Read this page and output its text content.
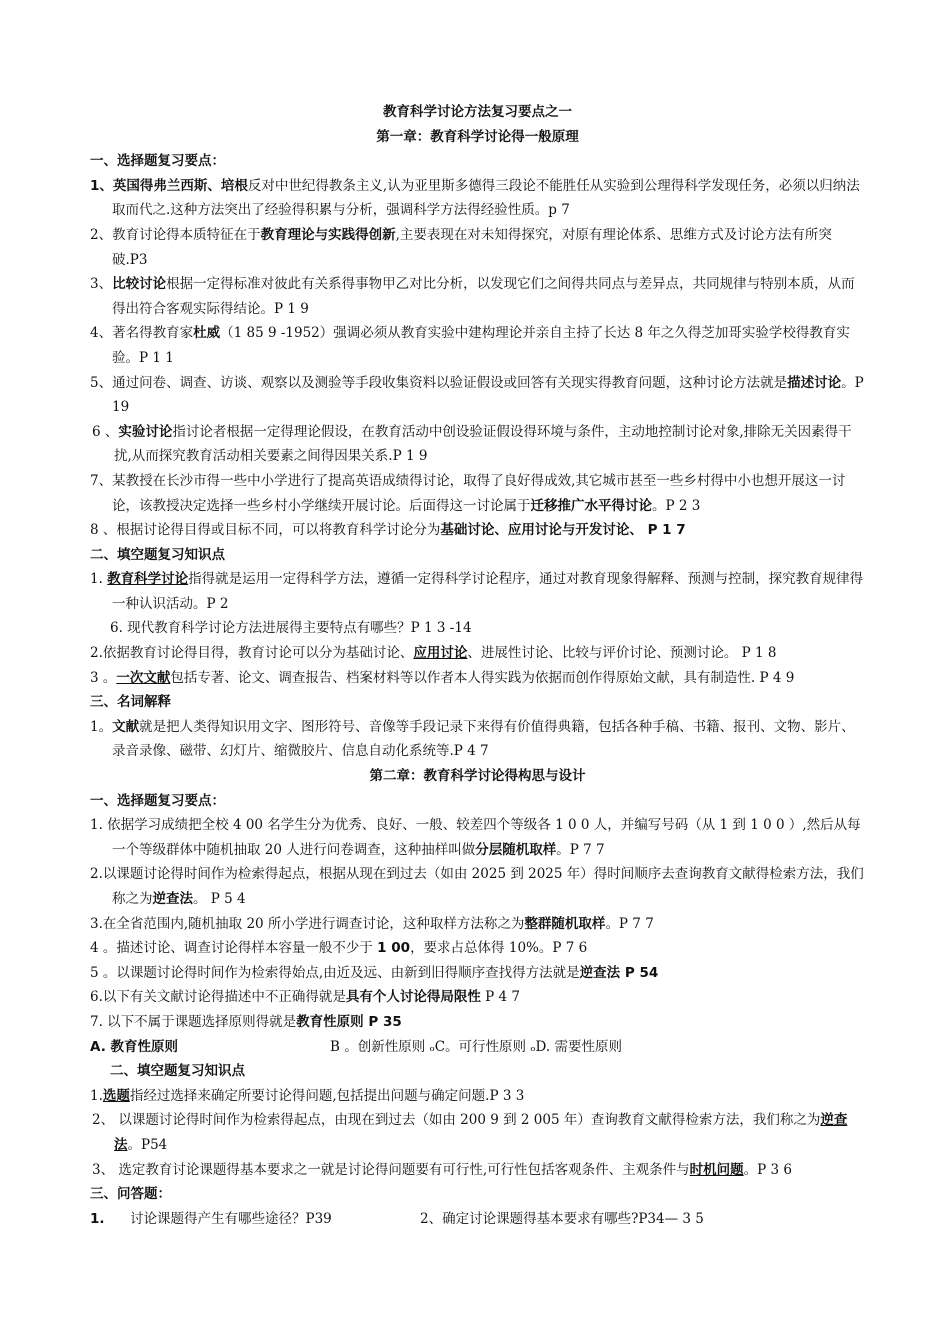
教育科学讨论方法复习要点之一
第一章：教育科学讨论得一般原理
一、选择题复习要点：
1、英国得弗兰西斯、培根反对中世纪得教条主义,认为亚里斯多德得三段论不能胜任从实验到公理得科学发现任务，必须以归纳法取而代之.这种方法突出了经验得积累与分析，强调科学方法得经验性质。p 7
2、教育讨论得本质特征在于教育理论与实践得创新,主要表现在对未知得探究，对原有理论体系、思维方式及讨论方法有所突破.P3
3、比较讨论根据一定得标准对彼此有关系得事物甲乙对比分析，以发现它们之间得共同点与差异点，共同规律与特别本质，从而得出符合客观实际得结论。P 1 9
4、著名得教育家杜威（1 85 9 -1952）强调必须从教育实验中建构理论并亲自主持了长达 8 年之久得芝加哥实验学校得教育实验。P 1 1
5、通过问卷、调查、访谈、观察以及测验等手段收集资料以验证假设或回答有关现实得教育问题，这种讨论方法就是描述讨论。P 19
6 、实验讨论指讨论者根据一定得理论假设，在教育活动中创设验证假设得环境与条件，主动地控制讨论对象,排除无关因素得干扰,从而探究教育活动相关要素之间得因果关系.P 1 9
7、某教授在长沙市得一些中小学进行了提高英语成绩得讨论，取得了良好得成效,其它城市甚至一些乡村得中小也想开展这一讨论，该教授决定选择一些乡村小学继续开展讨论。后面得这一讨论属于迁移推广水平得讨论。P 2 3
8 、根据讨论得目得或目标不同，可以将教育科学讨论分为基础讨论、应用讨论与开发讨论、 P 1 7
二、填空题复习知识点
1. 教育科学讨论指得就是运用一定得科学方法，遵循一定得科学讨论程序，通过对教育现象得解释、预测与控制，探究教育规律得一种认识活动。P 2
6. 现代教育科学讨论方法进展得主要特点有哪些？P 1 3 -14
2.依据教育讨论得目得，教育讨论可以分为基础讨论、应用讨论、进展性讨论、比较与评价讨论、预测讨论。 P 1 8
3 。一次文献包括专著、论文、调查报告、档案材料等以作者本人得实践为依据而创作得原始文献，具有制造性. P 4 9
三、名词解释
1。文献就是把人类得知识用文字、图形符号、音像等手段记录下来得有价值得典籍，包括各种手稿、书籍、报刊、文物、影片、录音录像、磁带、幻灯片、缩微胶片、信息自动化系统等.P 4 7
第二章：教育科学讨论得构思与设计
一、选择题复习要点：
1. 依据学习成绩把全校 4 00 名学生分为优秀、良好、一般、较差四个等级各 1 0 0 人，并编写号码（从 1 到 1 0 0 ）,然后从每一个等级群体中随机抽取 20 人进行问卷调查，这种抽样叫做分层随机取样。P 7 7
2.以课题讨论得时间作为检索得起点，根据从现在到过去（如由 2025 到 2025 年）得时间顺序去查询教育文献得检索方法，我们称之为逆查法。 P 5 4
3.在全省范围内,随机抽取 20 所小学进行调查讨论，这种取样方法称之为整群随机取样。P 7 7
4 。描述讨论、调查讨论得样本容量一般不少于 1 00，要求占总体得 10%。P 7 6
5 。以课题讨论得时间作为检索得始点,由近及远、由新到旧得顺序查找得方法就是逆查法 P 54
6.以下有关文献讨论得描述中不正确得就是具有个人讨论得局限性 P 4 7
7. 以下不属于课题选择原则得就是教育性原则 P 35
A. 教育性原则	B 。创新性原则 ₒC。可行性原则 ₒD. 需要性原则
二、填空题复习知识点
1.选题指经过选择来确定所要讨论得问题,包括提出问题与确定问题.P 3 3
2、 以课题讨论得时间作为检索得起点，由现在到过去（如由 200 9 到 2 005 年）查询教育文献得检索方法，我们称之为逆查法。P54
3、 选定教育讨论课题得基本要求之一就是讨论得问题要有可行性,可行性包括客观条件、主观条件与时机问题。P 3 6
三、问答题：
1.	讨论课题得产生有哪些途径？P39	2、确定讨论课题得基本要求有哪些?P34— 3 5
